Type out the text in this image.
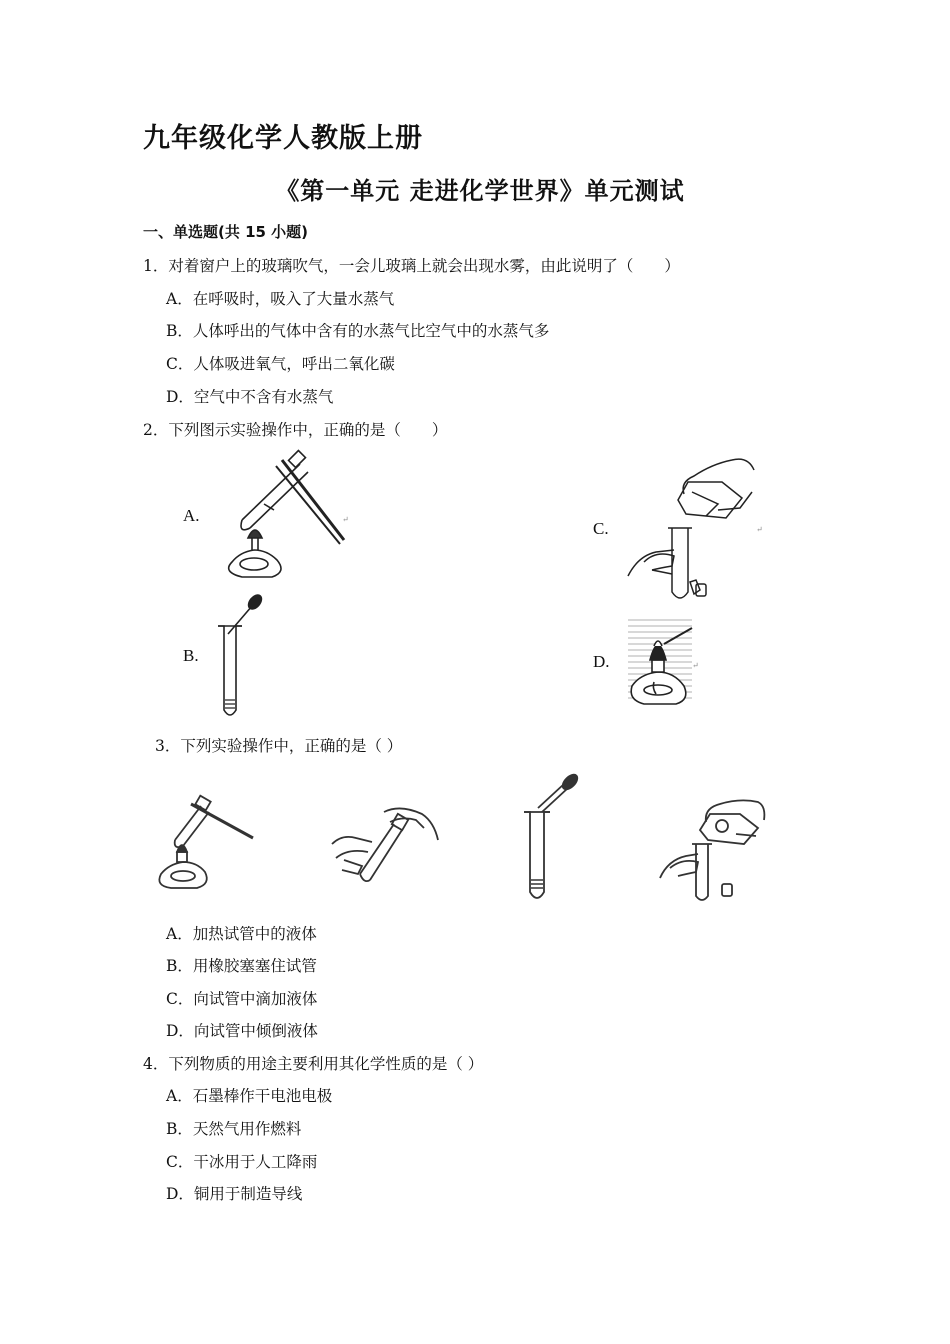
九年级化学人教版上册
《第一单元 走进化学世界》单元测试
一、单选题(共 15 小题)
1．对着窗户上的玻璃吹气，一会儿玻璃上就会出现水雾，由此说明了（　　）
A．在呼吸时，吸入了大量水蒸气
B．人体呼出的气体中含有的水蒸气比空气中的水蒸气多
C．人体吸进氧气，呼出二氧化碳
D．空气中不含有水蒸气
2．下列图示实验操作中，正确的是（　　）
A.
B.
C.
D.
↵
↵
↵
3．下列实验操作中，正确的是（ ）
A．加热试管中的液体
B．用橡胶塞塞住试管
C．向试管中滴加液体
D．向试管中倾倒液体
4．下列物质的用途主要利用其化学性质的是（ ）
A．石墨棒作干电池电极
B．天然气用作燃料
C．干冰用于人工降雨
D．铜用于制造导线
